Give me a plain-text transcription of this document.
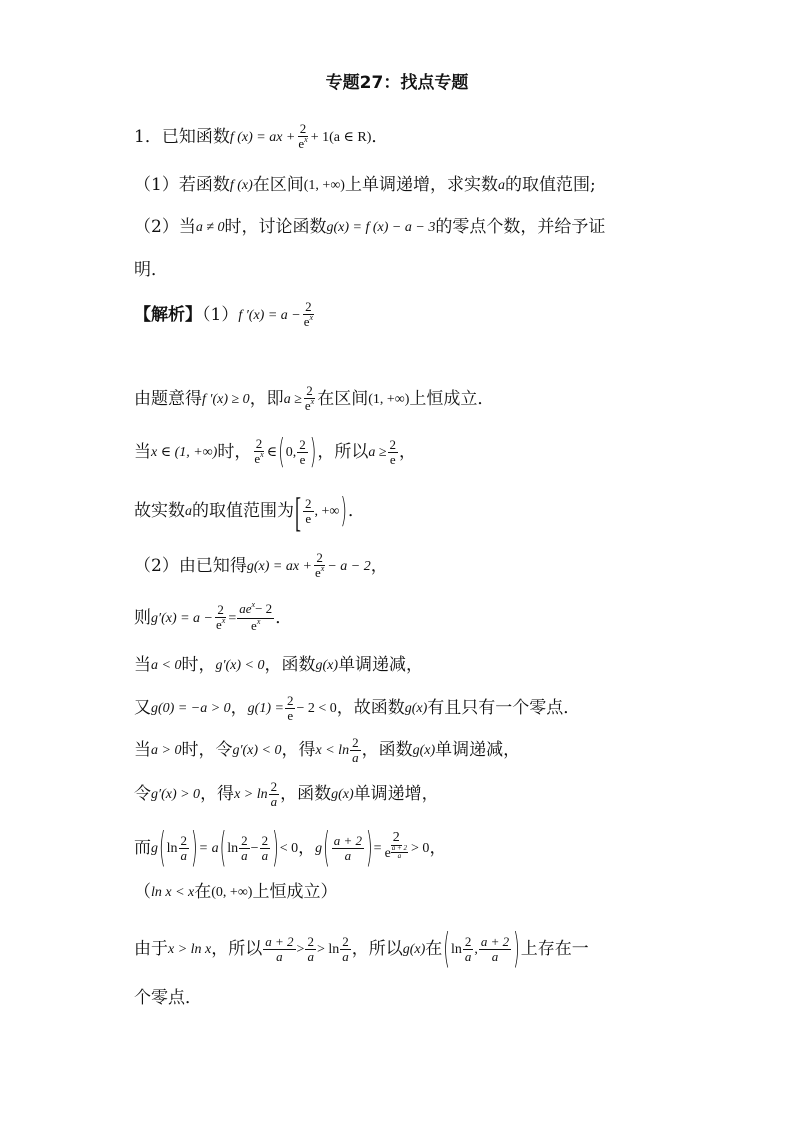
专题27：找点专题
1．已知函数f (x) = ax + $\frac{2}{e^x} + 1(a$ ∈ R)．
（1）若函数f (x)在区间(1, +∞)上单调递增，求实数a的取值范围;
（2）当a ≠ 0时，讨论函数g(x) = f (x) − a − 3的零点个数，并给予证
明．
【解析】（1）f $'(x) = a - \frac{2}{e^x}$
由题意得f ′(x) ≥ 0，即$a \ge \frac{2}{e^x}$ 在区间(1, +∞)上恒成立．
当x ∈ (1, +∞)时， $\frac{2}{e^x}$ ∈(0, $\frac{2}{e}$ )，所以$a \ge \frac{2}{e}$ ，
故实数a的取值范围为[ $\frac{2}{e}$ , +∞)．
（2）由已知得g(x) = ax + $\frac{2}{e^x} - a - 2$，
则$g'(x) = a - \frac{2}{e^x} = \frac{ae^x- 2}{e^x}$ ．
当a < 0时，g′(x) < 0，函数g(x)单调递减，
又g(0) = −a > 0，$g(1) = \frac{2}{e} - 2 < 0$，故函数g(x)有且只有一个零点．
当a > 0时，令g′(x) < 0，得$x < \ln \frac{2}{a}$ ，函数g(x)单调递减，
令g′(x) > 0，得$x > \ln \frac{2}{a}$ ，函数g(x)单调递增，
而$g(\ln \frac{2}{a}$ )= $a(\ln \frac{2}{a} - \frac{2}{a}$ )< 0，$g( \frac{a + 2}{a}$ )= $\frac{2}{e \frac{a + 2}{a}} > 0$，
（ln x < x在(0, +∞)上恒成立）
由于x > ln x，所以 $\frac{a + 2}{a} > \frac{2}{a} > \ln \frac{2}{a}$ ，所以g(x)在($\ln \frac{2}{a}$ , $\frac{a + 2}{a}$ )上存在一
个零点．
